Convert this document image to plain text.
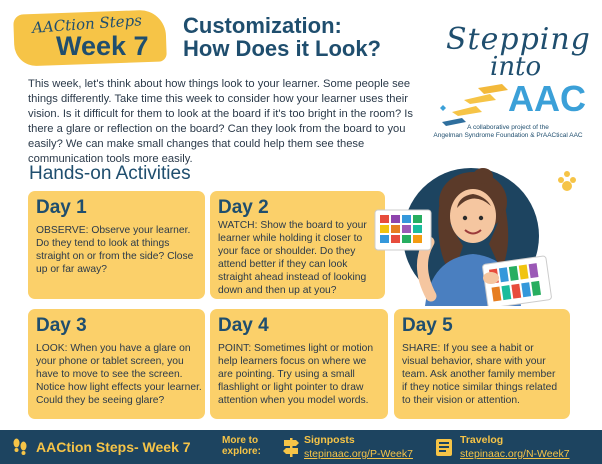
AACtion Steps
Week 7
Customization:
How Does it Look? Stepping
into
AAC
A collaborative project of the
Angelman Syndrome Foundation & PrAACtical AAC

This week, let's think about how things look to your learner. Some people see things differently. Take time this week to consider how your learner uses their vision. Is it difficult for them to look at the board if it's too bright in the room? Is there a glare or reflection on the board? Can they look from the board to you easily? We can make small changes that could help them see these communication tools more easily.

Hands-on Activities
Day 1
OBSERVE: Observe your learner. Do they tend to look at things straight on or from the side? Close up or far away?
Day 2
WATCH: Show the board to your learner while holding it closer to your face or shoulder. Do they attend better if they can look straight ahead instead of looking down and then up at you?
Day 3
LOOK: When you have a glare on your phone or tablet screen, you have to move to see the screen. Notice how light effects your learner. Could they be seeing glare?
Day 4
POINT: Sometimes light or motion help learners focus on where we are pointing. Try using a small flashlight or light pointer to draw attention when you model words.
Day 5
SHARE: If you see a habit or visual behavior, share with your team. Ask another family member if they notice similar things related to their vision or attention.
AACtion Steps- Week 7	More to
explore:
Signposts
stepinaac.org/P-Week7
Travelog
stepinaac.org/N-Week7
